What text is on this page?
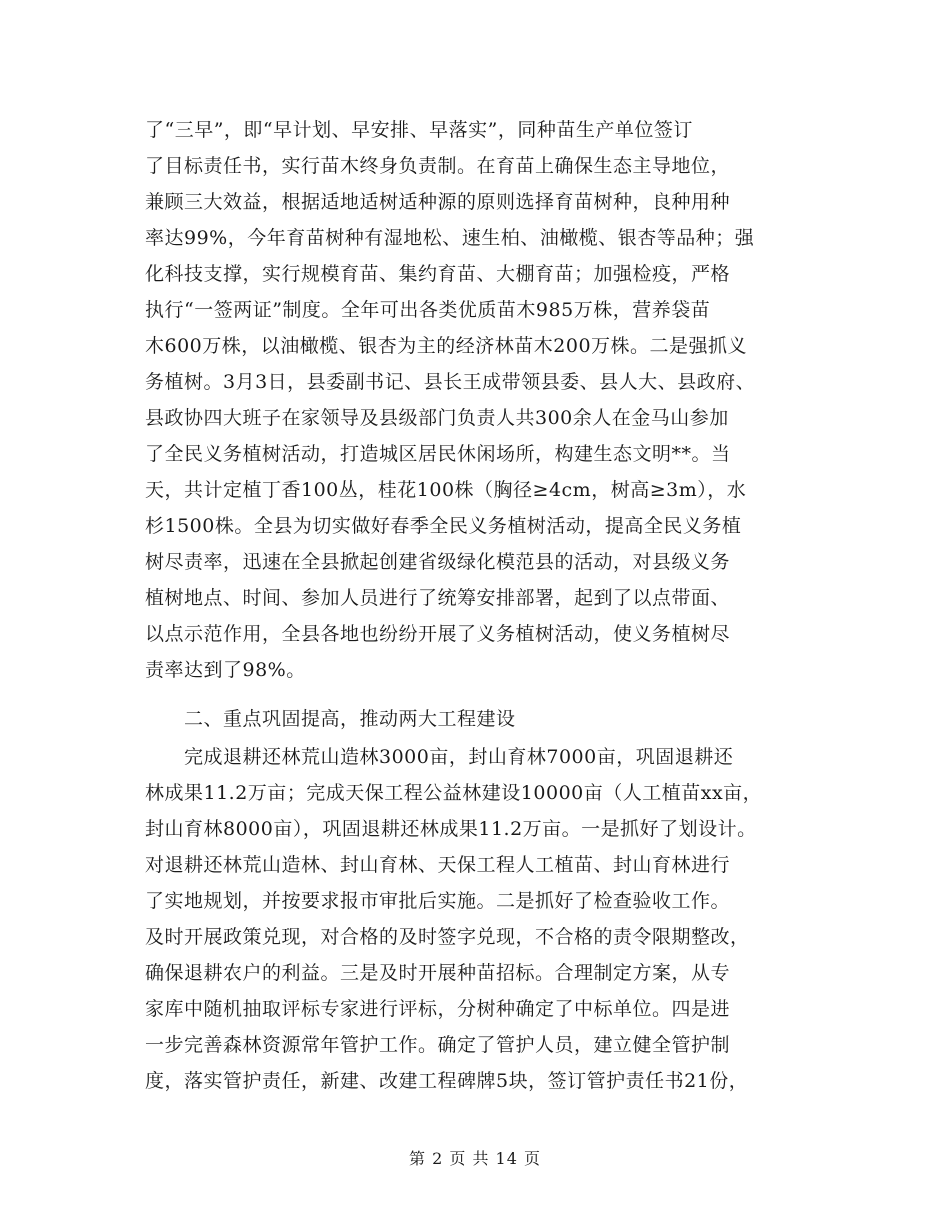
了“三早”，即“早计划、早安排、早落实”，同种苗生产单位签订
了目标责任书，实行苗木终身负责制。在育苗上确保生态主导地位，
兼顾三大效益，根据适地适树适种源的原则选择育苗树种，良种用种
率达99%，今年育苗树种有湿地松、速生柏、油橄榄、银杏等品种；强
化科技支撑，实行规模育苗、集约育苗、大棚育苗；加强检疫，严格
执行“一签两证”制度。全年可出各类优质苗木985万株，营养袋苗
木600万株，以油橄榄、银杏为主的经济林苗木200万株。二是强抓义
务植树。3月3日，县委副书记、县长王成带领县委、县人大、县政府、
县政协四大班子在家领导及县级部门负责人共300余人在金马山参加
了全民义务植树活动，打造城区居民休闲场所，构建生态文明**。当
天，共计定植丁香100丛，桂花100株（胸径≥4cm，树高≥3m），水
杉1500株。全县为切实做好春季全民义务植树活动，提高全民义务植
树尽责率，迅速在全县掀起创建省级绿化模范县的活动，对县级义务
植树地点、时间、参加人员进行了统筹安排部署，起到了以点带面、
以点示范作用，全县各地也纷纷开展了义务植树活动，使义务植树尽
责率达到了98%。
二、重点巩固提高，推动两大工程建设
完成退耕还林荒山造林3000亩，封山育林7000亩，巩固退耕还
林成果11.2万亩；完成天保工程公益林建设10000亩（人工植苗xx亩，
封山育林8000亩），巩固退耕还林成果11.2万亩。一是抓好了划设计。
对退耕还林荒山造林、封山育林、天保工程人工植苗、封山育林进行
了实地规划，并按要求报市审批后实施。二是抓好了检查验收工作。
及时开展政策兑现，对合格的及时签字兑现，不合格的责令限期整改，
确保退耕农户的利益。三是及时开展种苗招标。合理制定方案，从专
家库中随机抽取评标专家进行评标，分树种确定了中标单位。四是进
一步完善森林资源常年管护工作。确定了管护人员，建立健全管护制
度，落实管护责任，新建、改建工程碑牌5块，签订管护责任书21份，
第 2 页 共 14 页
